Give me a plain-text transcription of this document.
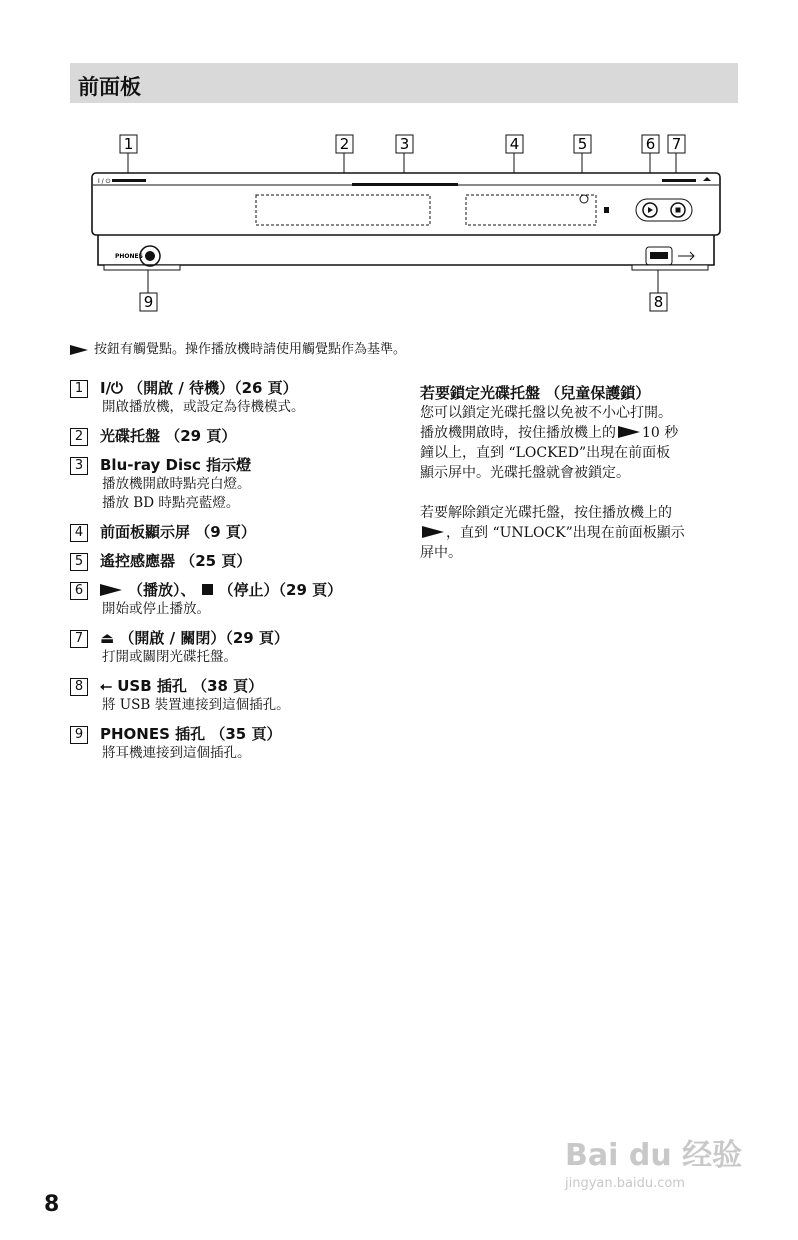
前面板
1	2	3	4	5	6 7
9	8
I / ⏻
PHONES
按鈕有觸覺點。操作播放機時請使用觸覺點作為基準。
1 I/⏻ （開啟 / 待機）（26 頁）
開啟播放機，或設定為待機模式。
2 光碟托盤 （29 頁）
3 Blu-ray Disc 指示燈
播放機開啟時點亮白燈。
播放 BD 時點亮藍燈。
4 前面板顯示屏 （9 頁）
5 遙控感應器 （25 頁）
6	（播放）、 （停止）（29 頁）
開始或停止播放。
7 ⏏ （開啟 / 關閉）（29 頁）
打開或關閉光碟托盤。
8 ⭠ USB 插孔 （38 頁）
將 USB 裝置連接到這個插孔。
9 PHONES 插孔 （35 頁）
將耳機連接到這個插孔。
若要鎖定光碟托盤 （兒童保護鎖）
您可以鎖定光碟托盤以免被不小心打開。
播放機開啟時，按住播放機上的 10 秒
鐘以上，直到 “LOCKED”出現在前面板
顯示屏中。光碟托盤就會被鎖定。
若要解除鎖定光碟托盤，按住播放機上的
，直到 “UNLOCK”出現在前面板顯示
屏中。
8
Bai du 经验
jingyan.baidu.com
